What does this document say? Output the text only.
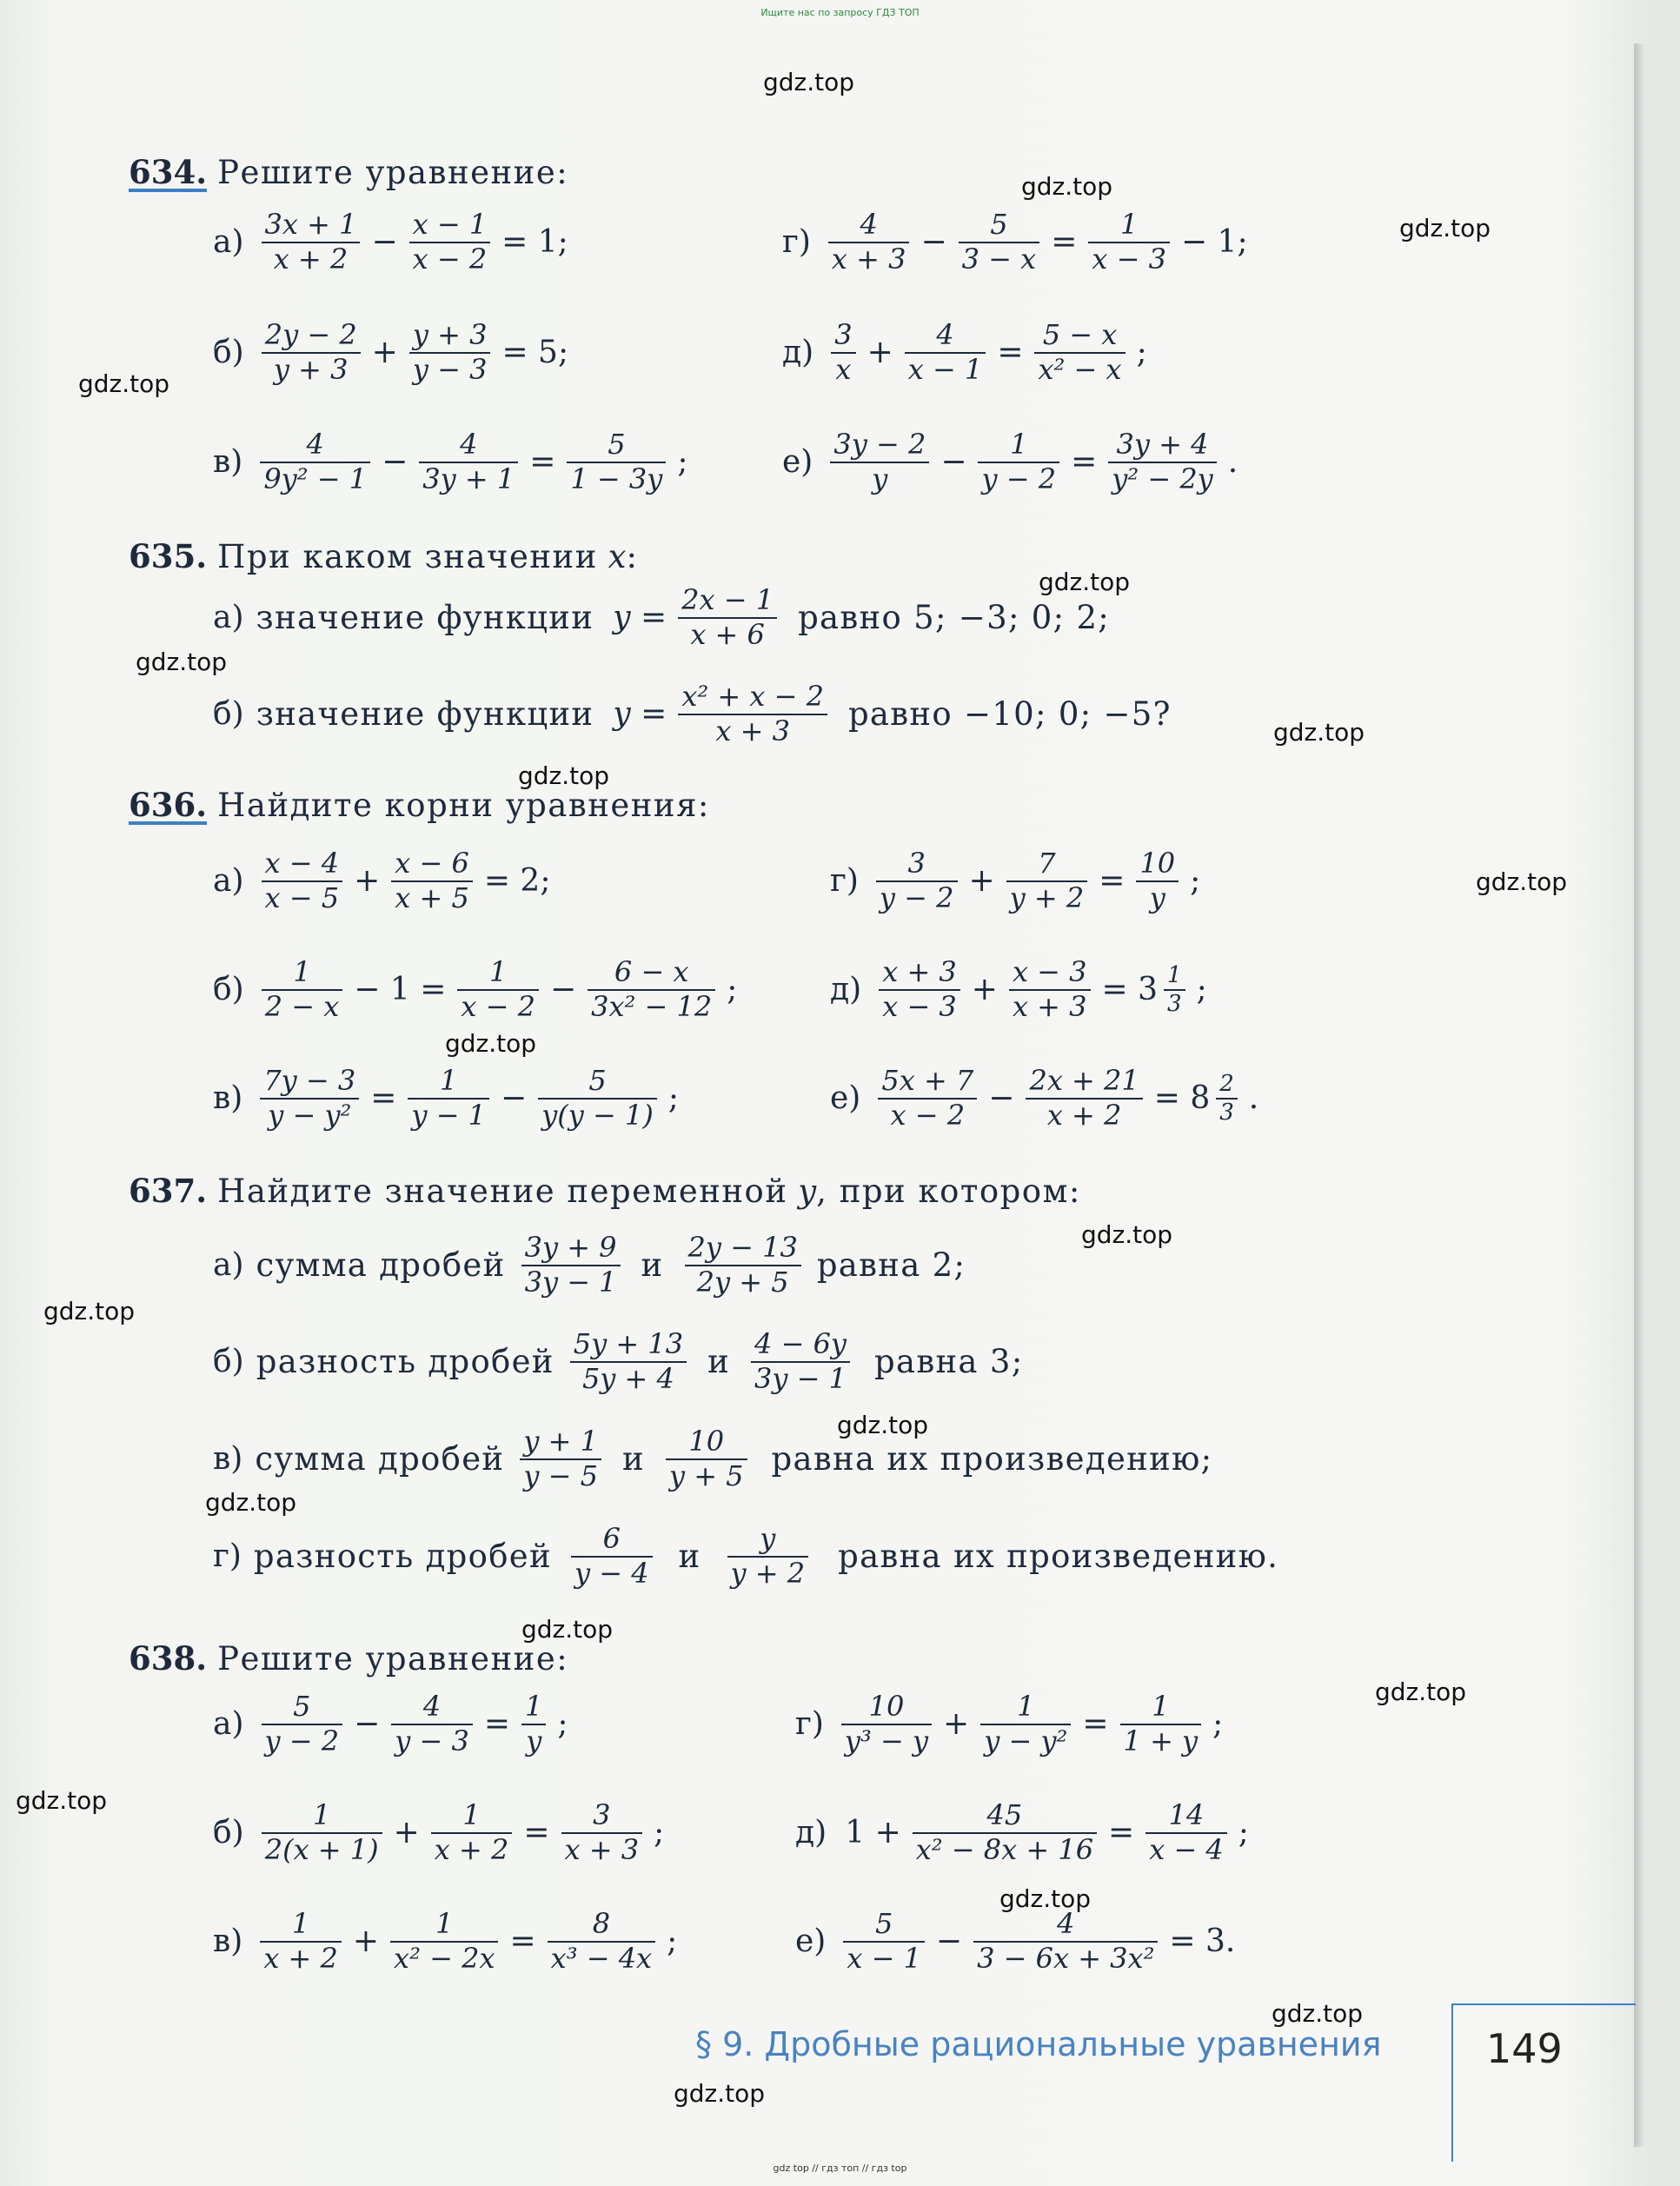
Ищите нас по запросу ГДЗ ТОП
gdz.top
gdz.top
gdz.top
gdz.top
gdz.top
gdz.top
gdz.top
gdz.top
gdz.top
gdz.top
gdz.top
gdz.top
gdz.top
gdz.top
gdz.top
gdz.top
gdz.top
gdz.top
gdz.top
gdz.top
634. Решите уравнение:
$а) \frac{3x + 1}{x + 2} - \frac{x - 1}{x - 2} = 1$;	$г) \frac{4}{x + 3} - \frac{5}{3 - x} = \frac{1}{x - 3} - 1$;
$б) \frac{2y - 2}{y + 3} + \frac{y + 3}{y - 3} = 5$;	$д) \frac{3}{x} + \frac{4}{x - 1} = \frac{5 - x}{\text{x² − x}}$ ;
$в) \frac{4}{\text{9y² − 1}} - \frac{4}{3y + 1} = \frac{5}{1 - 3y}$ ;	$е) \frac{3y - 2}{y} - \frac{1}{y - 2} = \frac{3y + 4}{\text{y² − 2y}}$ .
635. При каком значении x:
а) значение функции $y = \frac{2x - 1}{x + 6}$ равно 5; −3; 0; 2;
б) значение функции $y = \frac{\text{x² + x − 2}}{x + 3}$ равно −10; 0; −5?
636. Найдите корни уравнения:
$а) \frac{x - 4}{x - 5} + \frac{x - 6}{x + 5} = 2$;	$г) \frac{3}{y - 2} + \frac{7}{y + 2} = \frac{10}{y}$ ;
$б) \frac{1}{2 - x} - 1 = \frac{1}{x - 2} - \frac{6 - x}{\text{3x² − 12}}$ ;	$д) \frac{x + 3}{x - 3} + \frac{x - 3}{x + 3} = 3 \frac{1}{3}$ ;
$в) \frac{7y - 3}{\text{y − y²}} = \frac{1}{y - 1} - \frac{5}{y(y - 1)}$ ;	$е) \frac{5x + 7}{x - 2} - \frac{2x + 21}{x + 2} = 8 \frac{2}{3}$ .
637. Найдите значение переменной y, при котором:
а) сумма дробей $\frac{3y + 9}{3y - 1}$ и $\frac{2y - 13}{2y + 5}$ равна 2;
б) разность дробей $\frac{5y + 13}{5y + 4}$ и $\frac{4 - 6y}{3y - 1}$ равна 3;
в) сумма дробей $\frac{y + 1}{y - 5}$ и $\frac{10}{y + 5}$ равна их произведению;
г) разность дробей $\frac{6}{y - 4}$ и $\frac{y}{y + 2}$ равна их произведению.
638. Решите уравнение:
$а) \frac{5}{y - 2} - \frac{4}{y - 3} = \frac{1}{y}$ ;	$г) \frac{10}{\text{y³ − y}} + \frac{1}{\text{y − y²}} = \frac{1}{1 + y}$ ;
$б) \frac{1}{2(x + 1)} + \frac{1}{x + 2} = \frac{3}{x + 3}$ ;	д) $1 + \frac{45}{\text{x² − 8x + 16}} = \frac{14}{x - 4}$ ;
$в) \frac{1}{x + 2} + \frac{1}{\text{x² − 2x}} = \frac{8}{\text{x³ − 4x}}$ ;	$е) \frac{5}{x - 1} - \frac{4}{\text{3 − 6x + 3x²}} = 3$.
§ 9. Дробные рациональные уравнения	149
gdz top // гдз топ // гдз top
